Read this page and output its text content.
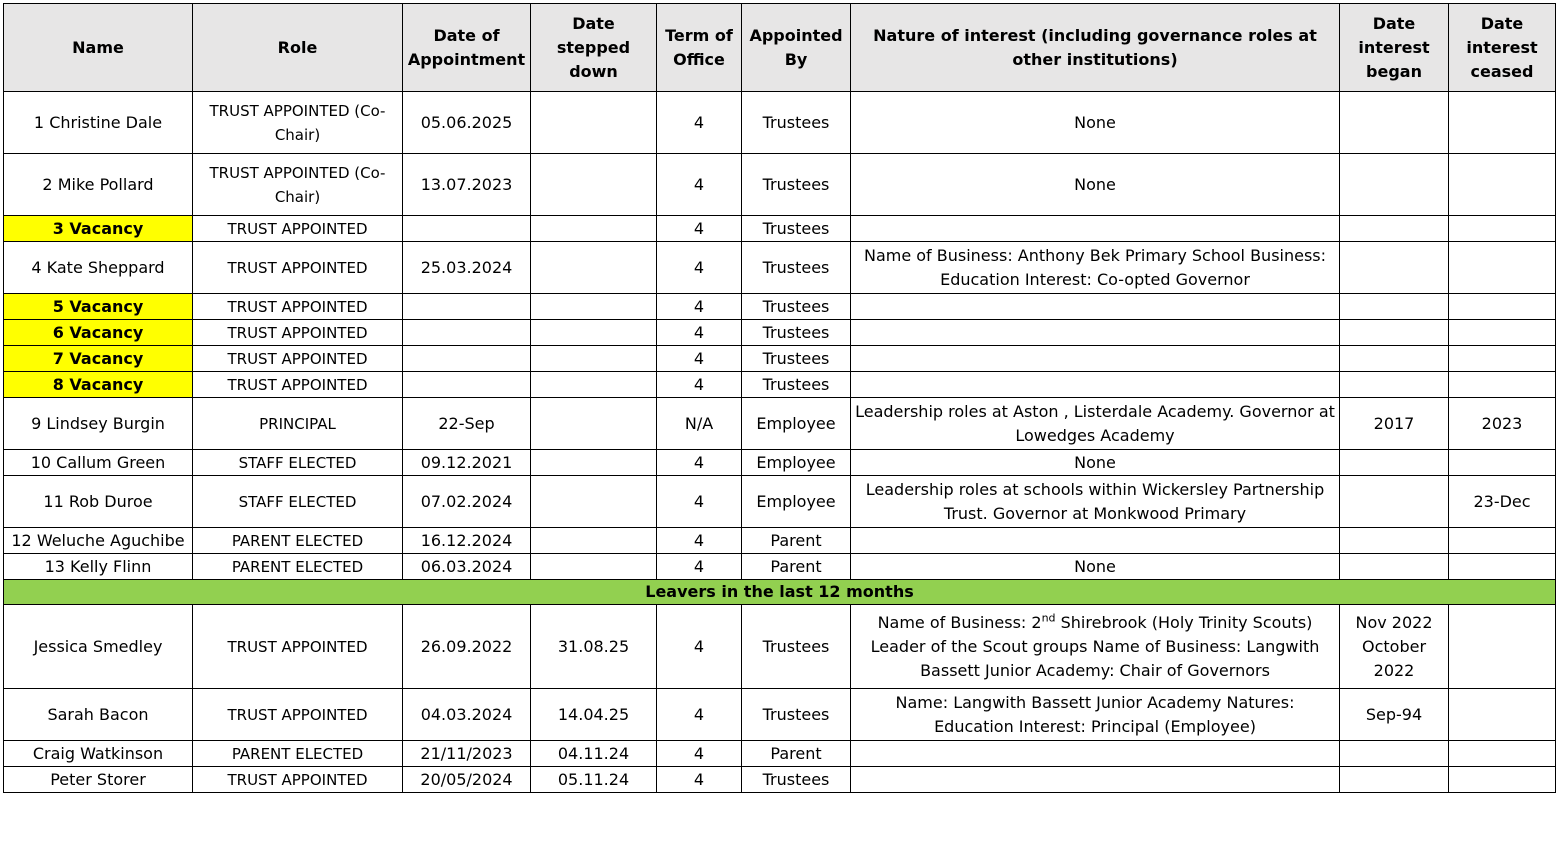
Name	Role	Date of Appointment	Date stepped down	Term of Office	Appointed By	Nature of interest (including governance roles at other institutions)	Date interest began	Date interest ceased
1 Christine Dale	TRUST APPOINTED (Co-Chair)	05.06.2025		4	Trustees	None		
2 Mike Pollard	TRUST APPOINTED (Co-Chair)	13.07.2023		4	Trustees	None		
3 Vacancy	TRUST APPOINTED			4	Trustees			
4 Kate Sheppard	TRUST APPOINTED	25.03.2024		4	Trustees	Name of Business: Anthony Bek Primary School Business: Education Interest: Co-opted Governor		
5 Vacancy	TRUST APPOINTED			4	Trustees			
6 Vacancy	TRUST APPOINTED			4	Trustees			
7 Vacancy	TRUST APPOINTED			4	Trustees			
8 Vacancy	TRUST APPOINTED			4	Trustees			
9 Lindsey Burgin	PRINCIPAL	22-Sep		N/A	Employee	Leadership roles at Aston , Listerdale Academy. Governor at Lowedges Academy	2017	2023
10 Callum Green	STAFF ELECTED	09.12.2021		4	Employee	None		
11 Rob Duroe	STAFF ELECTED	07.02.2024		4	Employee	Leadership roles at schools within Wickersley Partnership Trust. Governor at Monkwood Primary		23-Dec
12 Weluche Aguchibe	PARENT ELECTED	16.12.2024		4	Parent			
13 Kelly Flinn	PARENT ELECTED	06.03.2024		4	Parent	None		
Leavers in the last 12 months								
Jessica Smedley	TRUST APPOINTED	26.09.2022	31.08.25	4	Trustees	Name of Business: 2nd Shirebrook (Holy Trinity Scouts) Leader of the Scout groups Name of Business: Langwith Bassett Junior Academy: Chair of Governors	Nov 2022 October 2022	
Sarah Bacon	TRUST APPOINTED	04.03.2024	14.04.25	4	Trustees	Name: Langwith Bassett Junior Academy Natures: Education Interest: Principal (Employee)	Sep-94	
Craig Watkinson	PARENT ELECTED	21/11/2023	04.11.24	4	Parent			
Peter Storer	TRUST APPOINTED	20/05/2024	05.11.24	4	Trustees			
